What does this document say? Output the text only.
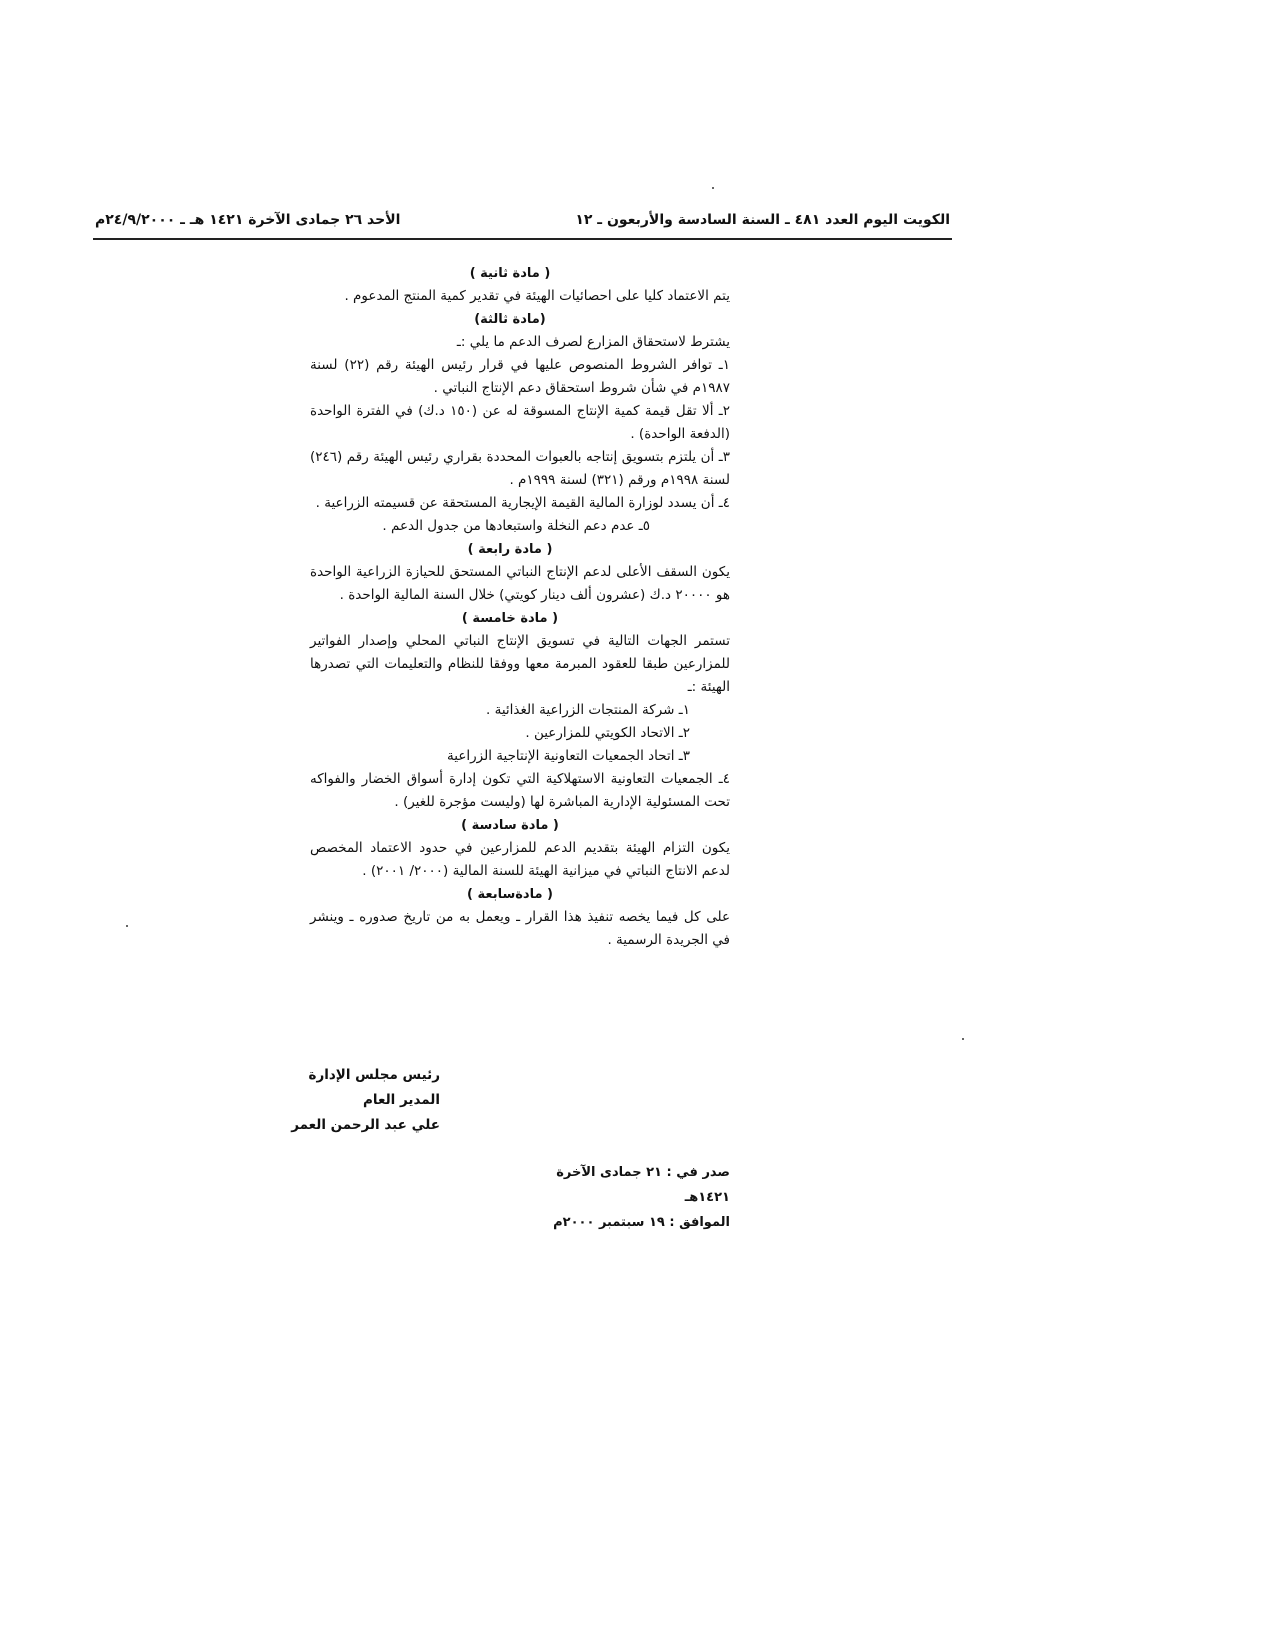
الكويت اليوم العدد ٤٨١ ـ السنة السادسة والأربعون ـ ١٢
الأحد ٢٦ جمادى الآخرة ١٤٢١ هـ ـ ٢٤/٩/٢٠٠٠م
( مادة ثانية )

يتم الاعتماد كليا على احصائيات الهيئة في تقدير كمية المنتج المدعوم .

(مادة ثالثة)

يشترط لاستحقاق المزارع لصرف الدعم ما يلي :ـ

١ـ توافر الشروط المنصوص عليها في قرار رئيس الهيئة رقم (٢٢) لسنة ١٩٨٧م في شأن شروط استحقاق دعم الإنتاج النباتي .

٢ـ ألا تقل قيمة كمية الإنتاج المسوقة له عن (١٥٠ د.ك) في الفترة الواحدة (الدفعة الواحدة) .

٣ـ أن يلتزم بتسويق إنتاجه بالعبوات المحددة بقراري رئيس الهيئة رقم (٢٤٦) لسنة ١٩٩٨م ورقم (٣٢١) لسنة ١٩٩٩م .

٤ـ أن يسدد لوزارة المالية القيمة الإيجارية المستحقة عن قسيمته الزراعية .

٥ـ عدم دعم النخلة واستبعادها من جدول الدعم .

( مادة رابعة )

يكون السقف الأعلى لدعم الإنتاج النباتي المستحق للحيازة الزراعية الواحدة هو ٢٠٠٠٠ د.ك (عشرون ألف دينار كويتي) خلال السنة المالية الواحدة .

( مادة خامسة )

تستمر الجهات التالية في تسويق الإنتاج النباتي المحلي وإصدار الفواتير للمزارعين طبقا للعقود المبرمة معها ووفقا للنظام والتعليمات التي تصدرها الهيئة :ـ

١ـ شركة المنتجات الزراعية الغذائية .

٢ـ الاتحاد الكويتي للمزارعين .

٣ـ اتحاد الجمعيات التعاونية الإنتاجية الزراعية

٤ـ الجمعيات التعاونية الاستهلاكية التي تكون إدارة أسواق الخضار والفواكه تحت المسئولية الإدارية المباشرة لها (وليست مؤجرة للغير) .

( مادة سادسة )

يكون التزام الهيئة بتقديم الدعم للمزارعين في حدود الاعتماد المخصص لدعم الانتاج النباتي في ميزانية الهيئة للسنة المالية (٢٠٠٠/ ٢٠٠١) .

( مادةسابعة )

على كل فيما يخصه تنفيذ هذا القرار ـ ويعمل به من تاريخ صدوره ـ وينشر في الجريدة الرسمية .

رئيس مجلس الإدارة
المدير العام
علي عبد الرحمن العمر
صدر في : ٢١ جمادى الآخرة ١٤٢١هـ
الموافق : ١٩ سبتمبر ٢٠٠٠م
